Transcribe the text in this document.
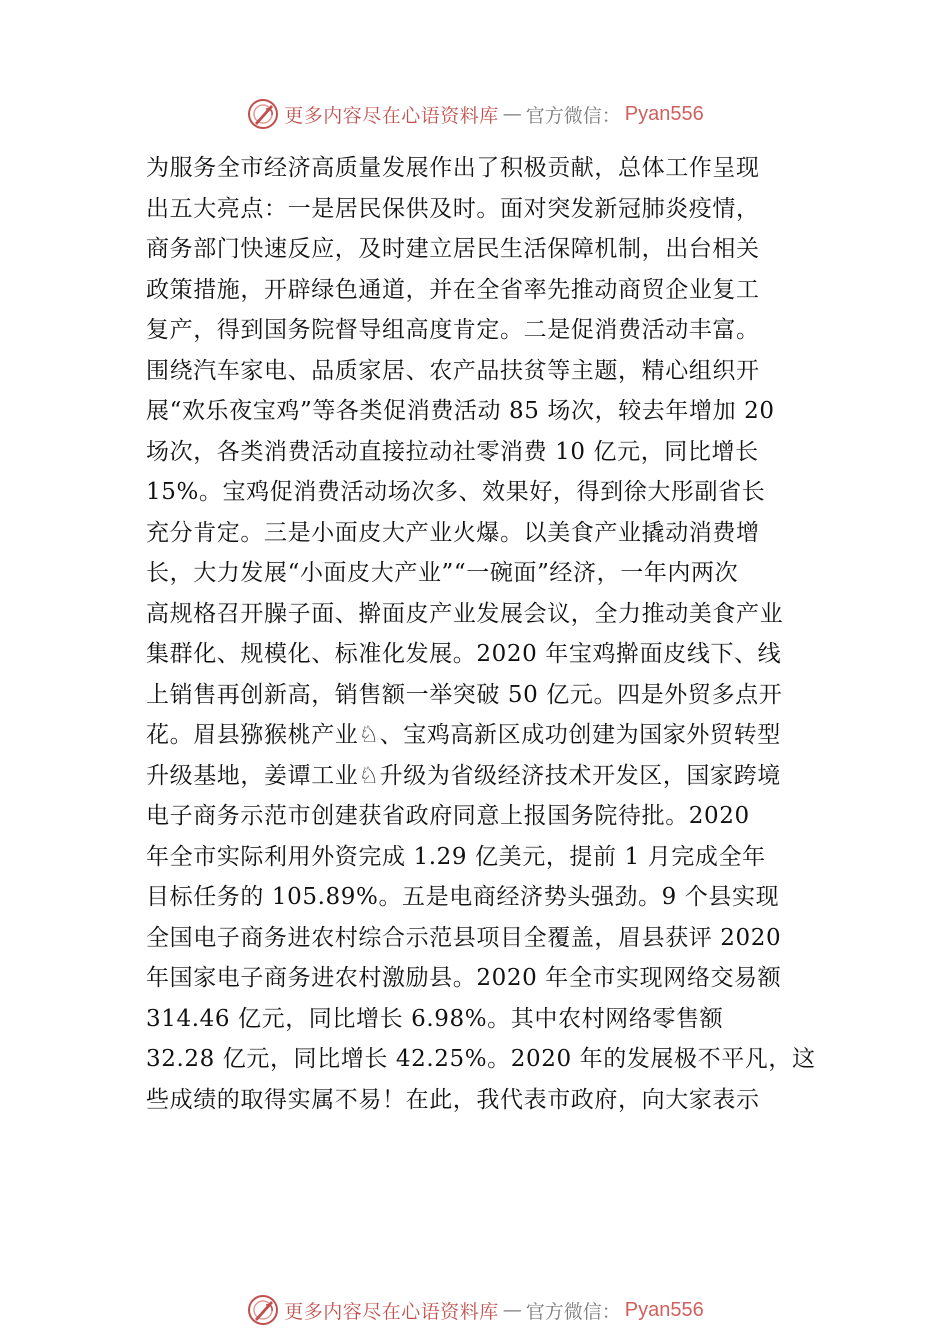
更多内容尽在心语资料库 — 官方微信： Pyan556
为服务全市经济高质量发展作出了积极贡献，总体工作呈现
出五大亮点：一是居民保供及时。面对突发新冠肺炎疫情，
商务部门快速反应，及时建立居民生活保障机制，出台相关
政策措施，开辟绿色通道，并在全省率先推动商贸企业复工
复产，得到国务院督导组高度肯定。二是促消费活动丰富。
围绕汽车家电、品质家居、农产品扶贫等主题，精心组织开
展“欢乐夜宝鸡”等各类促消费活动 85 场次，较去年增加 20
场次，各类消费活动直接拉动社零消费 10 亿元，同比增长
15%。宝鸡促消费活动场次多、效果好，得到徐大彤副省长
充分肯定。三是小面皮大产业火爆。以美食产业撬动消费增
长，大力发展“小面皮大产业”“一碗面”经济，一年内两次
高规格召开臊子面、擀面皮产业发展会议，全力推动美食产业
集群化、规模化、标准化发展。2020 年宝鸡擀面皮线下、线
上销售再创新高，销售额一举突破 50 亿元。四是外贸多点开
花。眉县猕猴桃产业♘、宝鸡高新区成功创建为国家外贸转型
升级基地，姜谭工业♘升级为省级经济技术开发区，国家跨境
电子商务示范市创建获省政府同意上报国务院待批。2020
年全市实际利用外资完成 1.29 亿美元，提前 1 月完成全年
目标任务的 105.89%。五是电商经济势头强劲。9 个县实现
全国电子商务进农村综合示范县项目全覆盖，眉县获评 2020
年国家电子商务进农村激励县。2020 年全市实现网络交易额
314.46 亿元，同比增长 6.98%。其中农村网络零售额
32.28 亿元，同比增长 42.25%。2020 年的发展极不平凡，这
些成绩的取得实属不易！在此，我代表市政府，向大家表示
更多内容尽在心语资料库 — 官方微信： Pyan556
